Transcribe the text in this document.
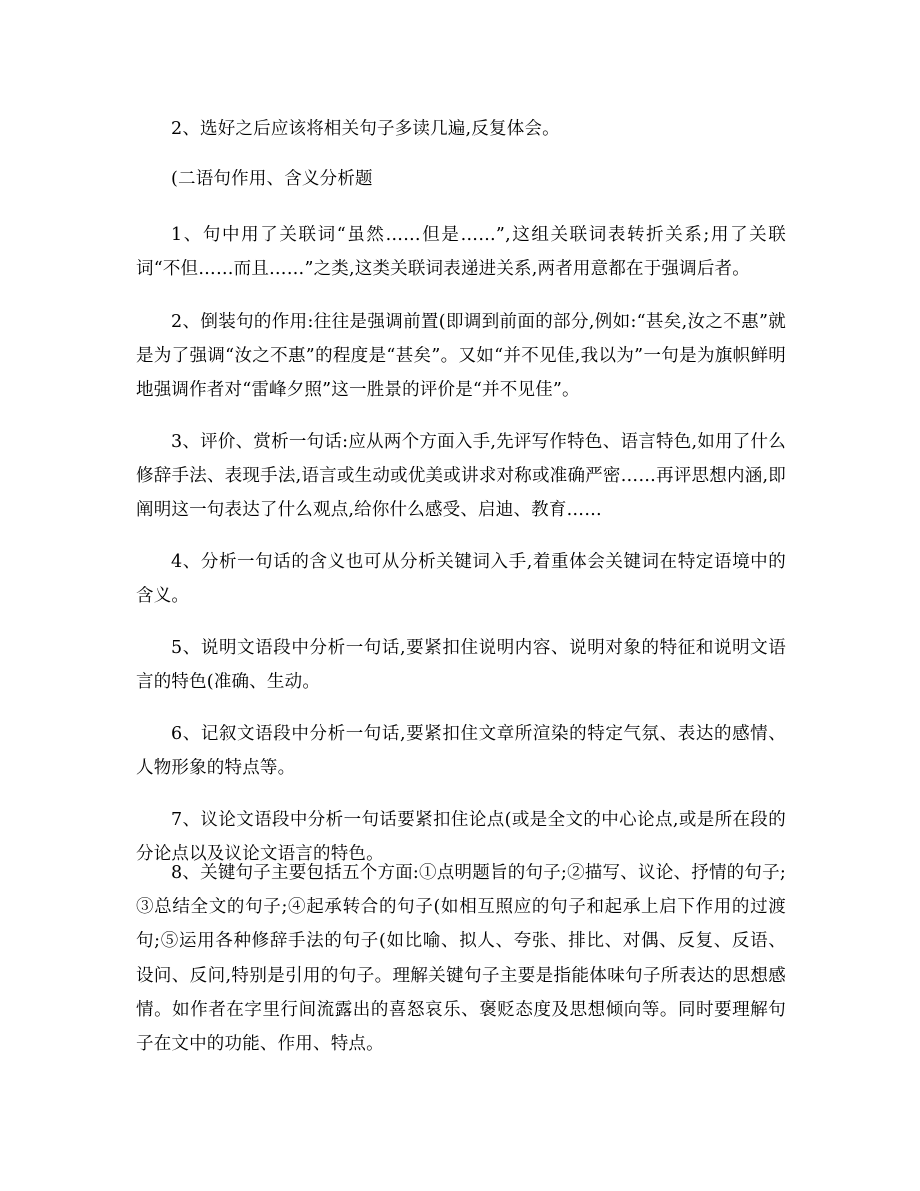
2、选好之后应该将相关句子多读几遍,反复体会。

(二语句作用、含义分析题

1、句中用了关联词“虽然……但是……”,这组关联词表转折关系;用了关联词“不但……而且……”之类,这类关联词表递进关系,两者用意都在于强调后者。

2、倒装句的作用:往往是强调前置(即调到前面的部分,例如:“甚矣,汝之不惠”就是为了强调“汝之不惠”的程度是“甚矣”。又如“并不见佳,我以为”一句是为旗帜鲜明地强调作者对“雷峰夕照”这一胜景的评价是“并不见佳”。

3、评价、赏析一句话:应从两个方面入手,先评写作特色、语言特色,如用了什么修辞手法、表现手法,语言或生动或优美或讲求对称或准确严密……再评思想内涵,即阐明这一句表达了什么观点,给你什么感受、启迪、教育……

4、分析一句话的含义也可从分析关键词入手,着重体会关键词在特定语境中的含义。

5、说明文语段中分析一句话,要紧扣住说明内容、说明对象的特征和说明文语言的特色(准确、生动。

6、记叙文语段中分析一句话,要紧扣住文章所渲染的特定气氛、表达的感情、人物形象的特点等。

7、议论文语段中分析一句话要紧扣住论点(或是全文的中心论点,或是所在段的分论点以及议论文语言的特色。

8、关键句子主要包括五个方面:①点明题旨的句子;②描写、议论、抒情的句子;③总结全文的句子;④起承转合的句子(如相互照应的句子和起承上启下作用的过渡句;⑤运用各种修辞手法的句子(如比喻、拟人、夸张、排比、对偶、反复、反语、设问、反问,特别是引用的句子。理解关键句子主要是指能体味句子所表达的思想感情。如作者在字里行间流露出的喜怒哀乐、褒贬态度及思想倾向等。同时要理解句子在文中的功能、作用、特点。
